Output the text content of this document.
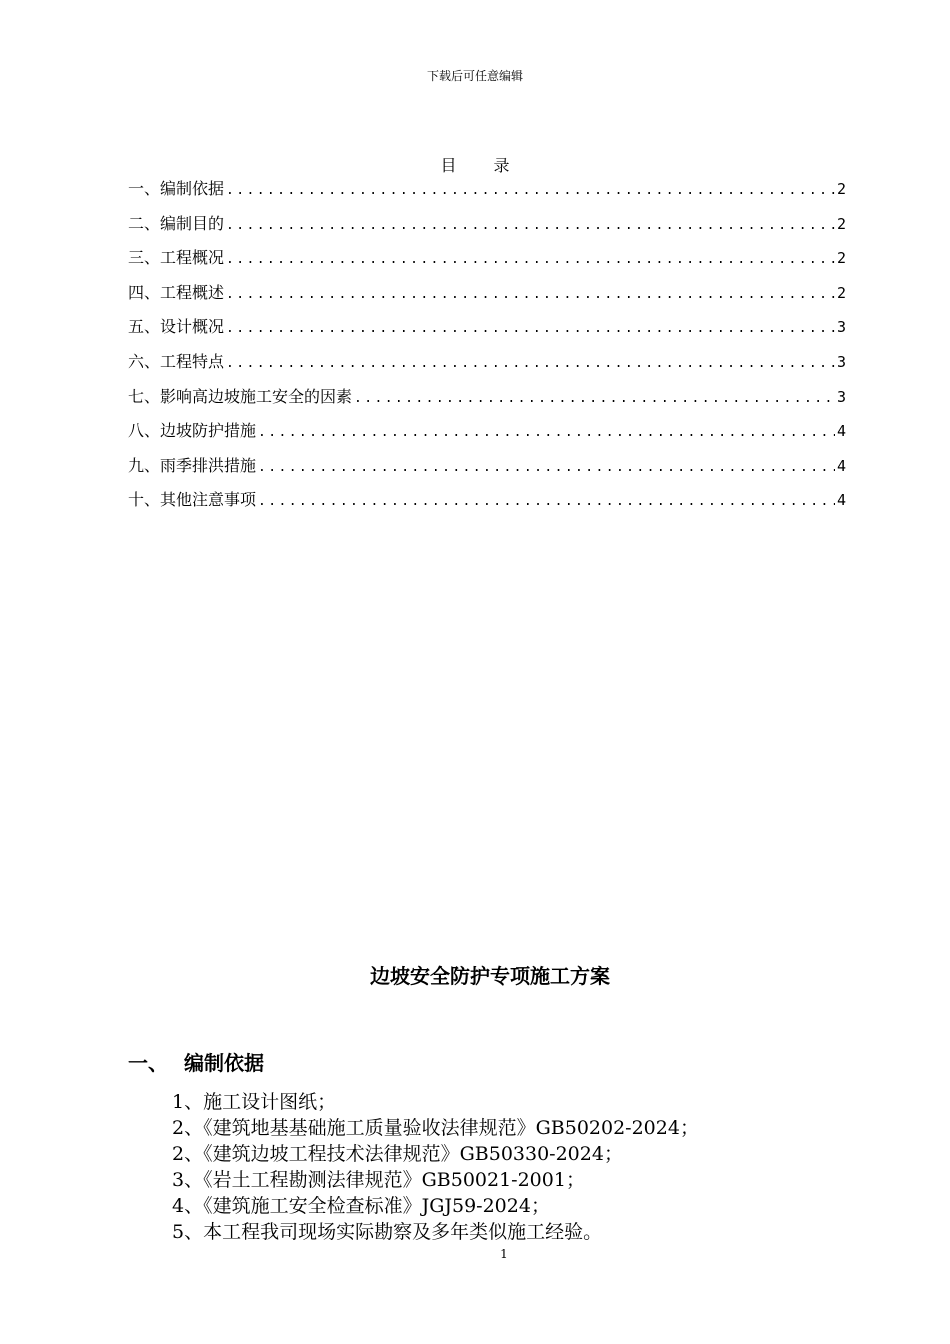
下载后可任意编辑
目 录
一、编制依据 .....	2
二、编制目的 .....	2
三、工程概况 .....	2
四、工程概述 .....	2
五、设计概况 .....	3
六、工程特点 .....	3
七、影响高边坡施工安全的因素 .....	3
八、边坡防护措施 .....	4
九、雨季排洪措施 .....	4
十、其他注意事项 .....	4
边坡安全防护专项施工方案
一、 编制依据
1、施工设计图纸；
2、《建筑地基基础施工质量验收法律规范》GB50202-2024；
2、《建筑边坡工程技术法律规范》GB50330-2024；
3、《岩土工程勘测法律规范》GB50021-2001；
4、《建筑施工安全检查标准》JGJ59-2024；
5、本工程我司现场实际勘察及多年类似施工经验。
1
